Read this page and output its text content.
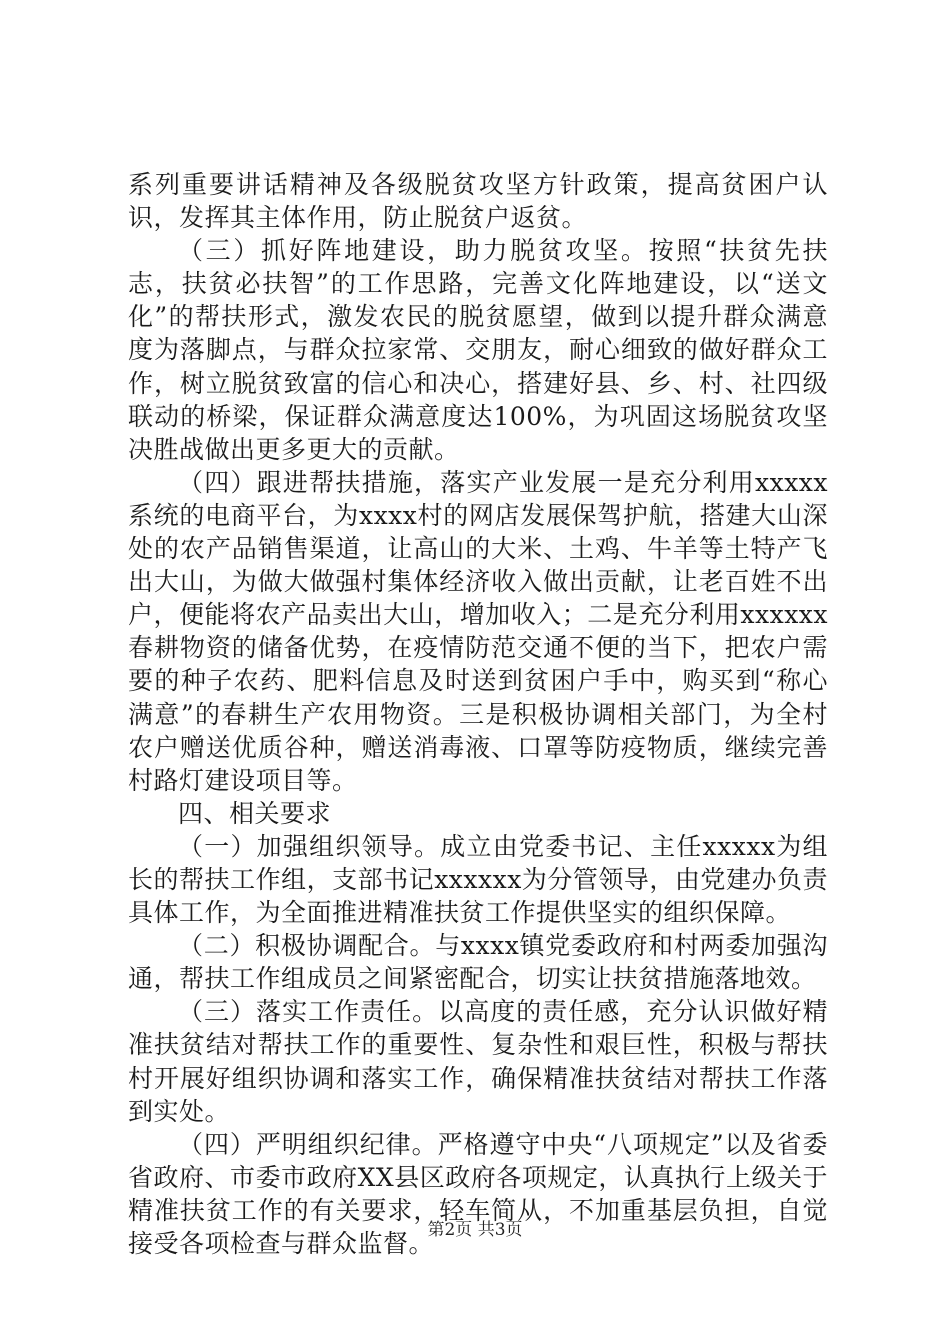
系列重要讲话精神及各级脱贫攻坚方针政策，提高贫困户认识，发挥其主体作用，防止脱贫户返贫。

（三）抓好阵地建设，助力脱贫攻坚。按照“扶贫先扶志，扶贫必扶智”的工作思路，完善文化阵地建设，以“送文化”的帮扶形式，激发农民的脱贫愿望，做到以提升群众满意度为落脚点，与群众拉家常、交朋友，耐心细致的做好群众工作，树立脱贫致富的信心和决心，搭建好县、乡、村、社四级联动的桥梁，保证群众满意度达100%，为巩固这场脱贫攻坚决胜战做出更多更大的贡献。

（四）跟进帮扶措施，落实产业发展一是充分利用xxxxx系统的电商平台，为xxxx村的网店发展保驾护航，搭建大山深处的农产品销售渠道，让高山的大米、土鸡、牛羊等土特产飞出大山，为做大做强村集体经济收入做出贡献，让老百姓不出户，便能将农产品卖出大山，增加收入；二是充分利用xxxxxx春耕物资的储备优势，在疫情防范交通不便的当下，把农户需要的种子农药、肥料信息及时送到贫困户手中，购买到“称心满意”的春耕生产农用物资。三是积极协调相关部门，为全村农户赠送优质谷种，赠送消毒液、口罩等防疫物质，继续完善村路灯建设项目等。

四、相关要求

（一）加强组织领导。成立由党委书记、主任xxxxx为组长的帮扶工作组，支部书记xxxxxx为分管领导，由党建办负责具体工作，为全面推进精准扶贫工作提供坚实的组织保障。

（二）积极协调配合。与xxxx镇党委政府和村两委加强沟通，帮扶工作组成员之间紧密配合，切实让扶贫措施落地效。

（三）落实工作责任。以高度的责任感，充分认识做好精准扶贫结对帮扶工作的重要性、复杂性和艰巨性，积极与帮扶村开展好组织协调和落实工作，确保精准扶贫结对帮扶工作落到实处。

（四）严明组织纪律。严格遵守中央“八项规定”以及省委省政府、市委市政府XX县区政府各项规定，认真执行上级关于精准扶贫工作的有关要求，轻车简从，不加重基层负担，自觉接受各项检查与群众监督。

第2页 共3页
